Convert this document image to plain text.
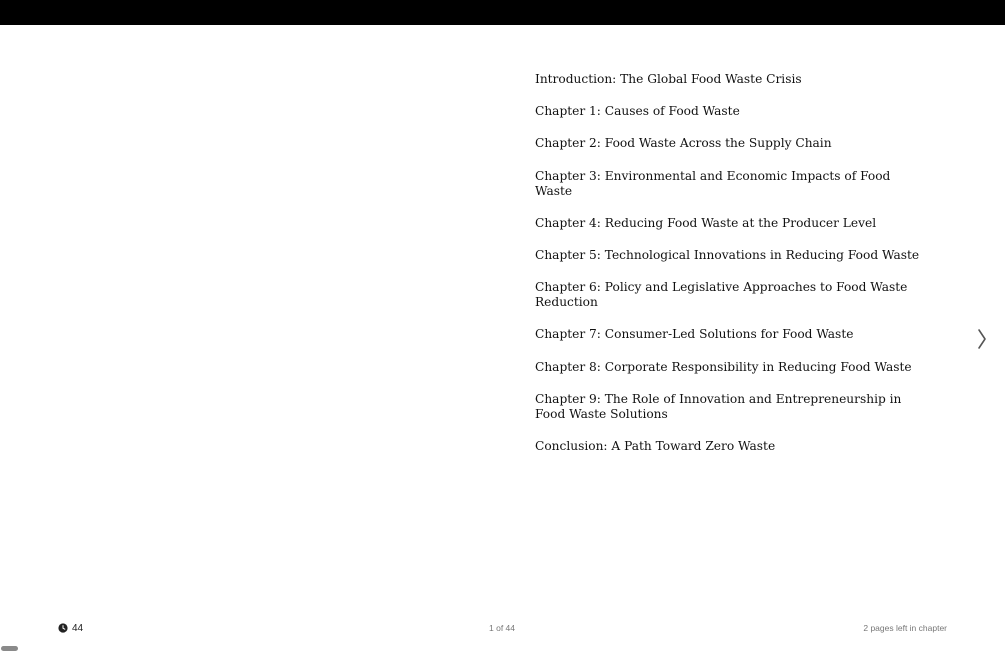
Introduction: The Global Food Waste Crisis
Chapter 1: Causes of Food Waste
Chapter 2: Food Waste Across the Supply Chain
Chapter 3: Environmental and Economic Impacts of Food Waste
Chapter 4: Reducing Food Waste at the Producer Level
Chapter 5: Technological Innovations in Reducing Food Waste
Chapter 6: Policy and Legislative Approaches to Food Waste Reduction
Chapter 7: Consumer-Led Solutions for Food Waste
Chapter 8: Corporate Responsibility in Reducing Food Waste
Chapter 9: The Role of Innovation and Entrepreneurship in Food Waste Solutions
Conclusion: A Path Toward Zero Waste
44	1 of 44	2 pages left in chapter
